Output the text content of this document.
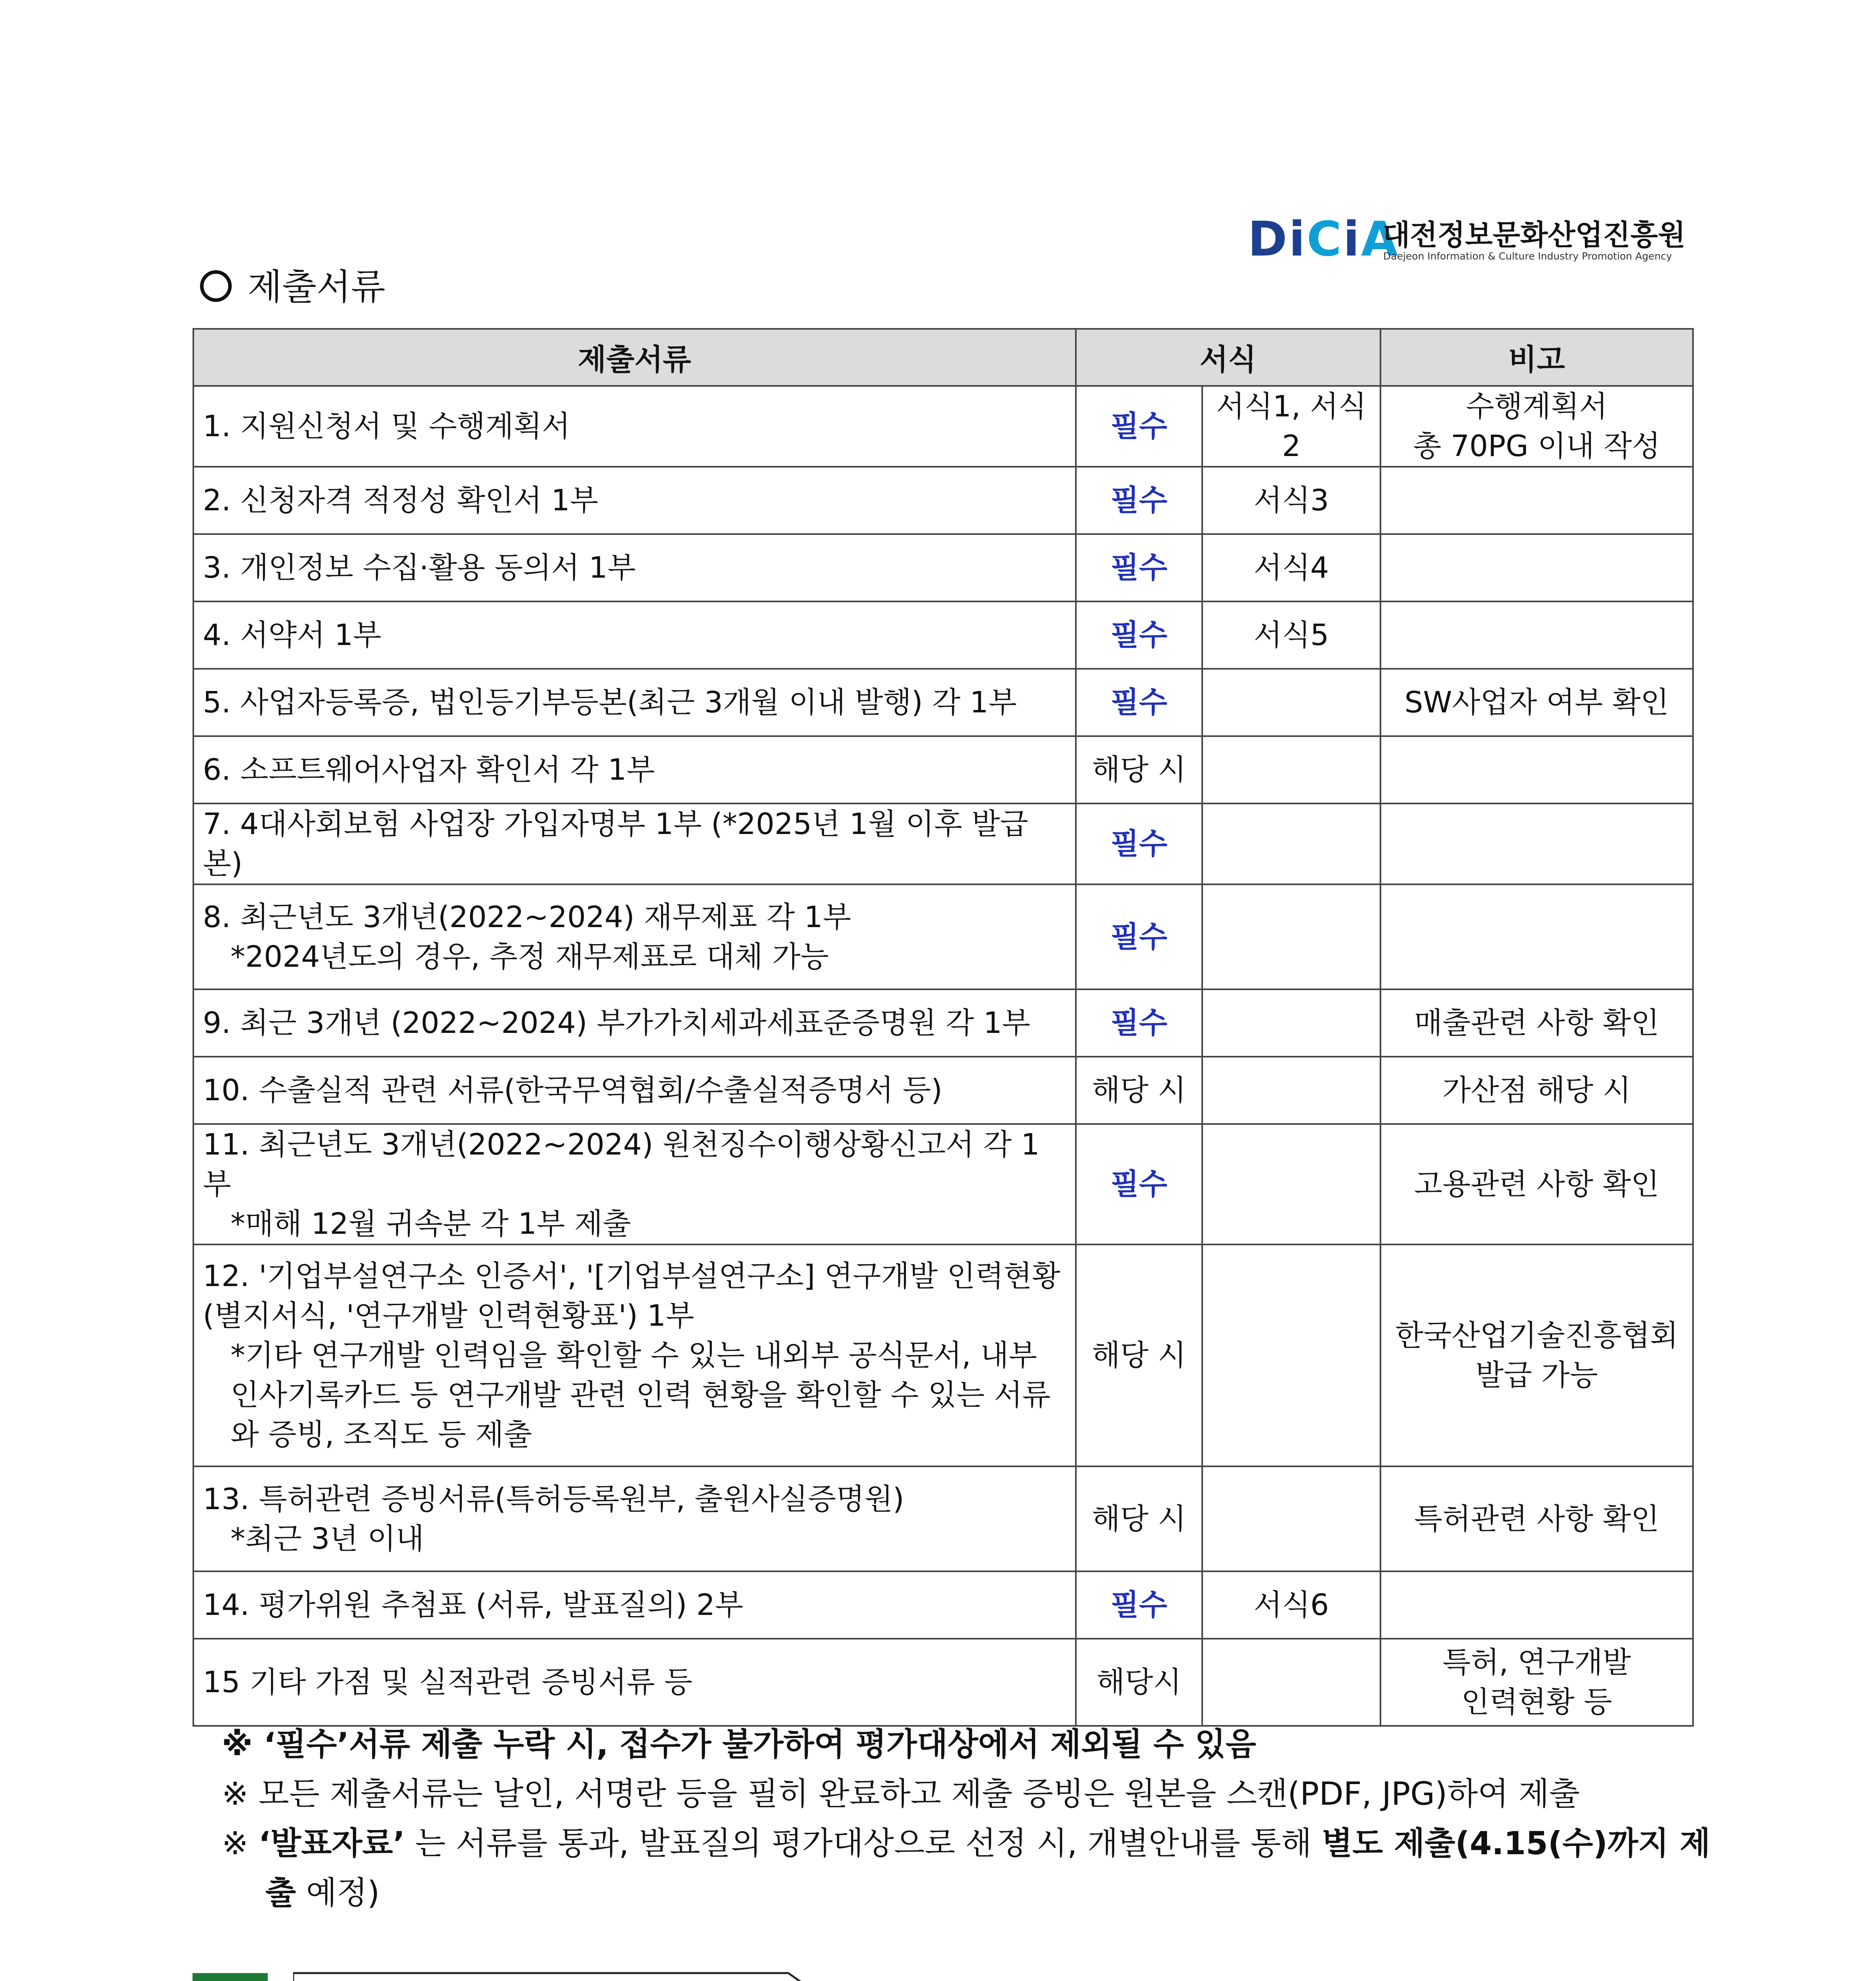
DiCiA
대전정보문화산업진흥원
Daejeon Information & Culture Industry Promotion Agency
제출서류
제출서류	서식		비고
1. 지원신청서 및 수행계획서	필수	서식1, 서식2	수행계획서
총 70PG 이내 작성

2. 신청자격 적정성 확인서 1부	필수	서식3	

3. 개인정보 수집·활용 동의서 1부	필수	서식4	

4. 서약서 1부	필수	서식5	

5. 사업자등록증, 법인등기부등본(최근 3개월 이내 발행) 각 1부	필수		SW사업자 여부 확인

6. 소프트웨어사업자 확인서 각 1부	해당 시		

7. 4대사회보험 사업장 가입자명부 1부 (*2025년 1월 이후 발급본)	필수		

8. 최근년도 3개년(2022~2024) 재무제표 각 1부
*2024년도의 경우, 추정 재무제표로 대체 가능	필수		

9. 최근 3개년 (2022~2024) 부가가치세과세표준증명원 각 1부	필수		매출관련 사항 확인

10. 수출실적 관련 서류(한국무역협회/수출실적증명서 등)	해당 시		가산점 해당 시

11. 최근년도 3개년(2022~2024) 원천징수이행상황신고서 각 1부
*매해 12월 귀속분 각 1부 제출	필수		고용관련 사항 확인

12. '기업부설연구소 인증서', '[기업부설연구소] 연구개발 인력현황 (별지서식, '연구개발 인력현황표') 1부
*기타 연구개발 인력임을 확인할 수 있는 내외부 공식문서, 내부 인사기록카드 등 연구개발 관련 인력 현황을 확인할 수 있는 서류와 증빙, 조직도 등 제출	해당 시		한국산업기술진흥협회
발급 가능

13. 특허관련 증빙서류(특허등록원부, 출원사실증명원)
*최근 3년 이내	해당 시		특허관련 사항 확인

14. 평가위원 추첨표 (서류, 발표질의) 2부	필수	서식6	

15 기타 가점 및 실적관련 증빙서류 등	해당시		특허, 연구개발
인력현황 등

※ ‘필수’서류 제출 누락 시, 접수가 불가하여 평가대상에서 제외될 수 있음

※ 모든 제출서류는 날인, 서명란 등을 필히 완료하고 제출 증빙은 원본을 스캔(PDF, JPG)하여 제출

※ ‘발표자료’ 는 서류를 통과, 발표질의 평가대상으로 선정 시, 개별안내를 통해 별도 제출(4.15(수)까지 제
출 예정)
